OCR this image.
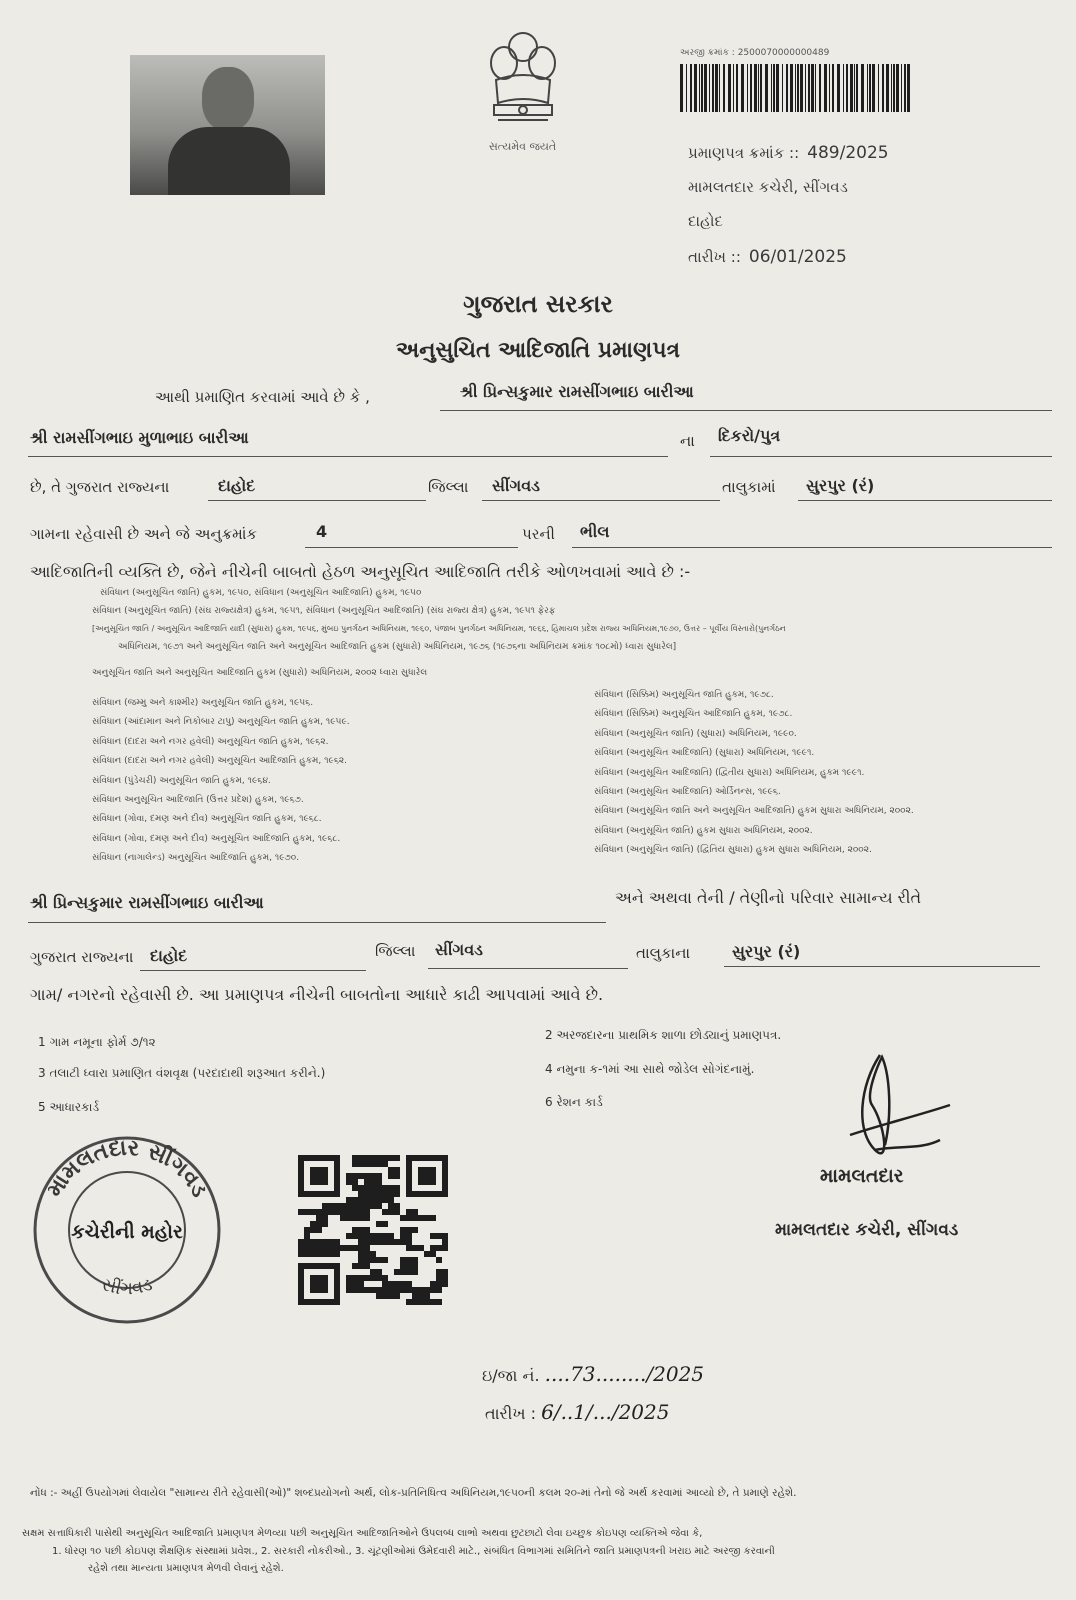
સત્યમેવ જયતે
અરજી ક્રમાંક : 2500070000000489
પ્રમાણપત્ર ક્રમાંક :: 489/2025
મામલતદાર કચેરી, સીંગવડ
દાહોદ
તારીખ :: 06/01/2025
ગુજરાત સરકાર
અનુસુચિત આદિજાતિ પ્રમાણપત્ર
આથી પ્રમાણિત કરવામાં આવે છે કે ,	શ્રી પ્રિન્સકુમાર રામસીંગભાઇ બારીઆ
શ્રી રામસીંગભાઇ મુળાભાઇ બારીઆ	ના દિકરો/પુત્ર
છે, તે ગુજરાત રાજ્યના	દાહોદ	જિલ્લા સીંગવડ	તાલુકામાં સુરપુર (રં)
ગામના રહેવાસી છે અને જે અનુક્રમાંક	4	પરની ભીલ
આદિજાતિની વ્યક્તિ છે, જેને નીચેની બાબતો હેઠળ અનુસૂચિત આદિજાતિ તરીકે ઓળખવામાં આવે છે :-
સંવિધાન (અનુસૂચિત જાતિ) હુકમ, ૧૯૫૦, સંવિધાન (અનુસૂચિત આદિજાતિ) હુકમ, ૧૯૫૦
સંવિધાન (અનુસૂચિત જાતિ) (સંઘ રાજ્યક્ષેત્ર) હુકમ, ૧૯૫૧, સંવિધાન (અનુસૂચિત આદિજાતિ) (સંઘ રાજ્ય ક્ષેત્ર) હુકમ, ૧૯૫૧ ફેરફ
[અનુસૂચિત જાતિ / અનુસૂચિત આદિજાતિ યાદી (સુધારા) હુકમ, ૧૯૫૬, મુંબઇ પુનર્ગઠન અધિનિયમ, ૧૯૬૦, પંજાબ પુનર્ગઠન અધિનિયમ, ૧૯૬૬, હિમાચલ પ્રદેશ રાજ્ય અધિનિયમ,૧૯૭૦, ઉત્તર – પૂર્વીય વિસ્તારો(પુનર્ગઠન
અધિનિયમ, ૧૯૭૧ અને અનુસૂચિત જાતિ અને અનુસૂચિત આદિજાતિ હુકમ (સુધારો) અધિનિયમ, ૧૯૭૬ (૧૯૭૬ના અધિનિયમ ક્રમાંક ૧૦૮મો) ધ્વારા સુધારેલ]
અનુસૂચિત જાતિ અને અનુસૂચિત આદિજાતિ હુકમ (સુધારો) અધિનિયમ, ૨૦૦૨ ધ્વારા સુધારેલ
સંવિધાન (જમ્મુ અને કાશ્મીર) અનુસૂચિત જાતિ હુકમ, ૧૯૫૬.
સંવિધાન (આંદામાન અને નિકોબાર ટાપુ) અનુસૂચિત જાતિ હુકમ, ૧૯૫૯.
સંવિધાન (દાદરા અને નગર હવેલી) અનુસૂચિત જાતિ હુકમ, ૧૯૬૨.
સંવિધાન (દાદરા અને નગર હવેલી) અનુસૂચિત આદિજાતિ હુકમ, ૧૯૬૨.
સંવિધાન (પુંડેચરી) અનુસૂચિત જાતિ હુકમ, ૧૯૬૪.
સંવિધાન અનુસૂચિત આદિજાતિ (ઉત્તર પ્રદેશ) હુકમ, ૧૯૬૭.
સંવિધાન (ગોવા, દમણ અને દીવ) અનુસૂચિત જાતિ હુકમ, ૧૯૬૮.
સંવિધાન (ગોવા, દમણ અને દીવ) અનુસૂચિત આદિજાતિ હુકમ, ૧૯૬૮.
સંવિધાન (નાગાલેન્ડ) અનુસૂચિત આદિજાતિ હુકમ, ૧૯૭૦.
સંવિધાન (સિક્કિમ) અનુસૂચિત જાતિ હુકમ, ૧૯૭૮.
સંવિધાન (સિક્કિમ) અનુસૂચિત આદિજાતિ હુકમ, ૧૯૭૮.
સંવિધાન (અનુસૂચિત જાતિ) (સુધારા) અધિનિયમ, ૧૯૯૦.
સંવિધાન (અનુસૂચિત આદિજાતિ) (સુધારા) અધિનિયમ, ૧૯૯૧.
સંવિધાન (અનુસૂચિત આદિજાતિ) (દ્વિતીય સુધારા) અધિનિયમ, હુકમ ૧૯૯૧.
સંવિધાન (અનુસૂચિત આદિજાતિ) ઓર્ડિનન્સ, ૧૯૯૬.
સંવિધાન (અનુસૂચિત જાતિ અને અનુસૂચિત આદિજાતિ) હુકમ સુધારા અધિનિયમ, ૨૦૦૨.
સંવિધાન (અનુસૂચિત જાતિ) હુકમ સુધારા અધિનિયમ, ૨૦૦૨.
સંવિધાન (અનુસૂચિત જાતિ) (દ્વિતિય સુધારા) હુકમ સુધારા અધિનિયમ, ૨૦૦૨.
શ્રી પ્રિન્સકુમાર રામસીંગભાઇ બારીઆ	અને અથવા તેની / તેણીનો પરિવાર સામાન્ય રીતે
ગુજરાત રાજ્યના દાહોદ	જિલ્લા સીંગવડ	તાલુકાના	સુરપુર (રં)
ગામ/ નગરનો રહેવાસી છે. આ પ્રમાણપત્ર નીચેની બાબતોના આધારે કાઢી આપવામાં આવે છે.
1 ગામ નમૂના ફોર્મ ૭/૧૨	2 અરજદારના પ્રાથમિક શાળા છોડ્યાનું પ્રમાણપત્ર.
3 તલાટી ધ્વારા પ્રમાણિત વંશવૃક્ષ (પરદાદાથી શરૂઆત કરીને.)	4 નમુના ક-૧માં આ સાથે જોડેલ સોગંદનામું.
5 આધારકાર્ડ	6 રેશન કાર્ડ
મામલતદાર સીંગવડ
કચેરીની મહોર
સીંગવડ
મામલતદાર
મામલતદાર કચેરી, સીંગવડ
ઇ/જા નં. ....73......../2025
તારીખ : 6/..1/.../2025
નોંધ :- અહીં ઉપયોગમાં લેવાયેલ "સામાન્ય રીતે રહેવાસી(ઓ)" શબ્દપ્રયોગનો અર્થ, લોક-પ્રતિનિધિત્વ અધિનિયમ,૧૯૫૦ની કલમ ૨૦-માં તેનો જે અર્થ કરવામાં આવ્યો છે, તે પ્રમાણે રહેશે.
સક્ષમ સત્તાધિકારી પાસેથી અનુસૂચિત આદિજાતિ પ્રમાણપત્ર મેળવ્યા પછી અનુસૂચિત આદિજાતિઓને ઉપલબ્ધ લાભો અથવા છુટછાટો લેવા ઇચ્છુક કોઇપણ વ્યક્તિએ જેવા કે,
1. ધોરણ ૧૦ પછી કોઇપણ શૈક્ષણિક સંસ્થામાં પ્રવેશ., 2. સરકારી નોકરીઓ., 3. ચૂંટણીઓમાં ઉમેદવારી માટે., સંબંધિત વિભાગમાં સમિતિને જાતિ પ્રમાણપત્રની ખરાઇ માટે અરજી કરવાની
રહેશે તથા માન્યતા પ્રમાણપત્ર મેળવી લેવાનું રહેશે.
